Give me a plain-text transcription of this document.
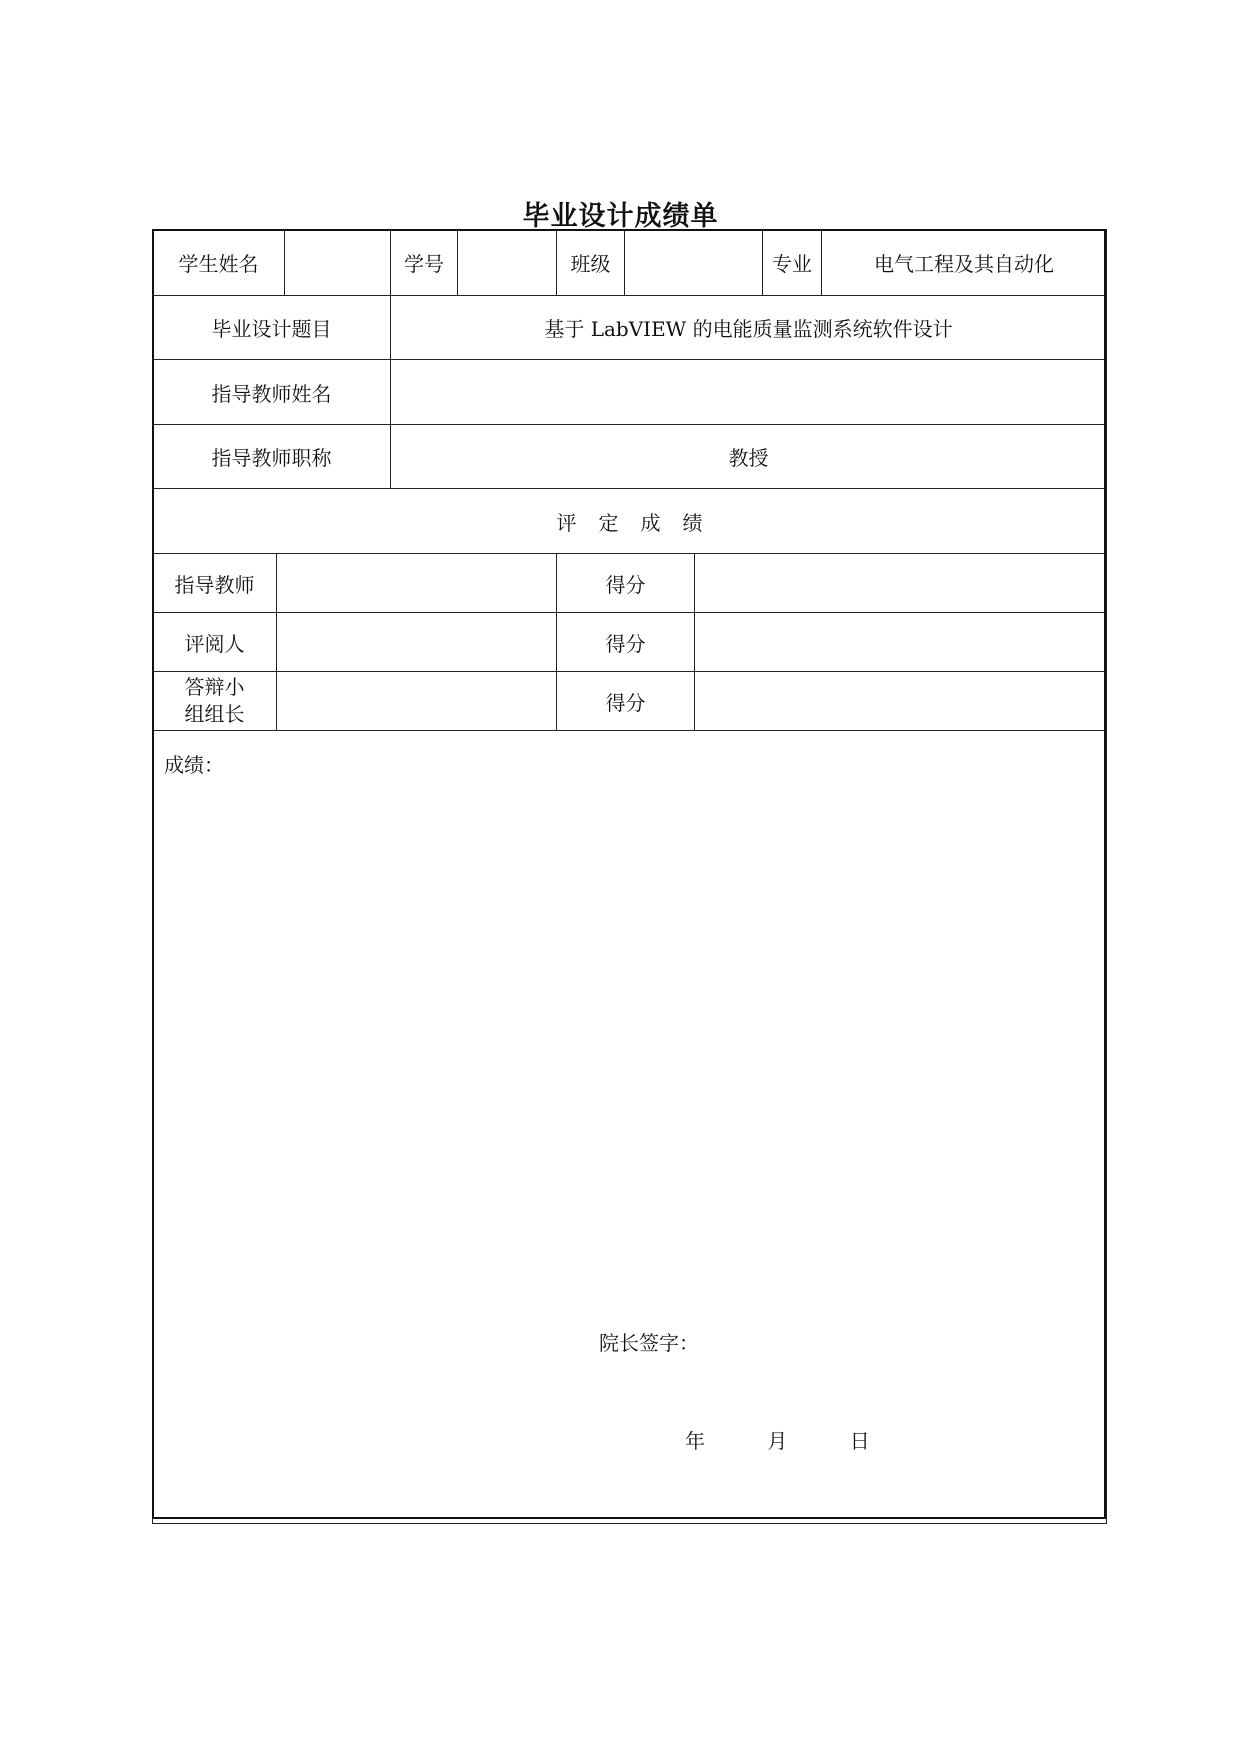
毕业设计成绩单
学生姓名			学号		班级			专业	电气工程及其自动化
毕业设计题目			基于 LabVIEW 的电能质量监测系统软件设计						
指导教师姓名									
指导教师职称			教授						
评定成绩									
指导教师					得分				
评阅人					得分				
答辩小
组组长					得分				

成绩：
院长签字：
年 月 日									
